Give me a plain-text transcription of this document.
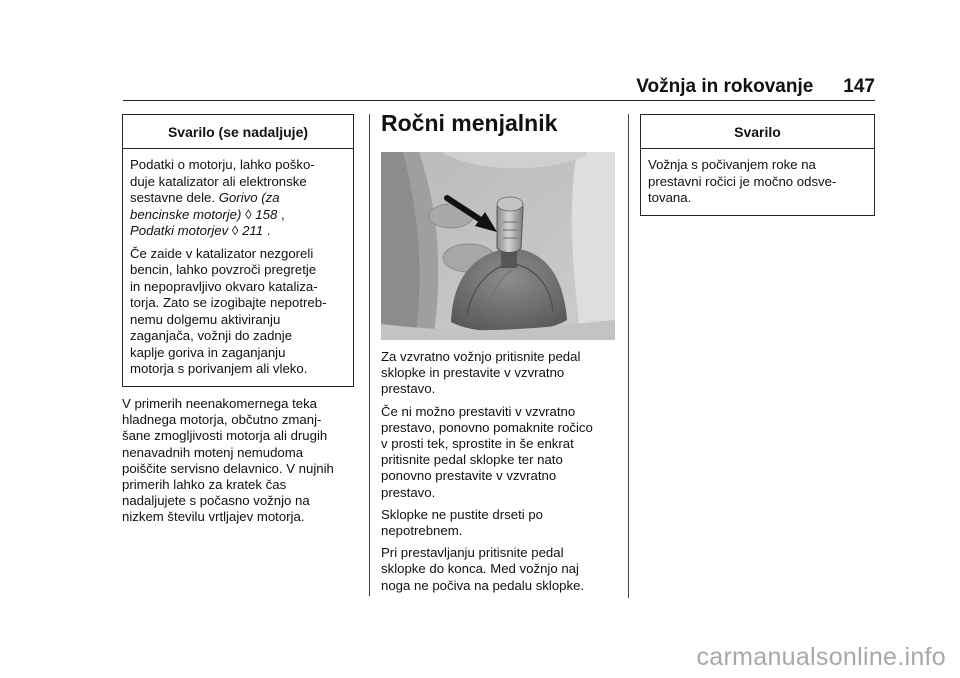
Vožnja in rokovanje 147
Svarilo (se nadaljuje)

Podatki o motorju, lahko poško-
duje katalizator ali elektronske
sestavne dele. Gorivo (za
bencinske motorje) ◊ 158 ,
Podatki motorjev ◊ 211 .

Če zaide v katalizator nezgoreli
bencin, lahko povzroči pregretje
in nepopravljivo okvaro kataliza-
torja. Zato se izogibajte nepotreb-
nemu dolgemu aktiviranju
zaganjača, vožnji do zadnje
kaplje goriva in zaganjanju
motorja s porivanjem ali vleko.

V primerih neenakomernega teka
hladnega motorja, občutno zmanj-
šane zmogljivosti motorja ali drugih
nenavadnih motenj nemudoma
poiščite servisno delavnico. V nujnih
primerih lahko za kratek čas
nadaljujete s počasno vožnjo na
nizkem številu vrtljajev motorja.
Ročni menjalnik

Za vzvratno vožnjo pritisnite pedal
sklopke in prestavite v vzvratno
prestavo.

Če ni možno prestaviti v vzvratno
prestavo, ponovno pomaknite ročico
v prosti tek, sprostite in še enkrat
pritisnite pedal sklopke ter nato
ponovno prestavite v vzvratno
prestavo.

Sklopke ne pustite drseti po
nepotrebnem.

Pri prestavljanju pritisnite pedal
sklopke do konca. Med vožnjo naj
noga ne počiva na pedalu sklopke.

Svarilo
Vožnja s počivanjem roke na
prestavni ročici je močno odsve-
tovana.
carmanualsonline.info
